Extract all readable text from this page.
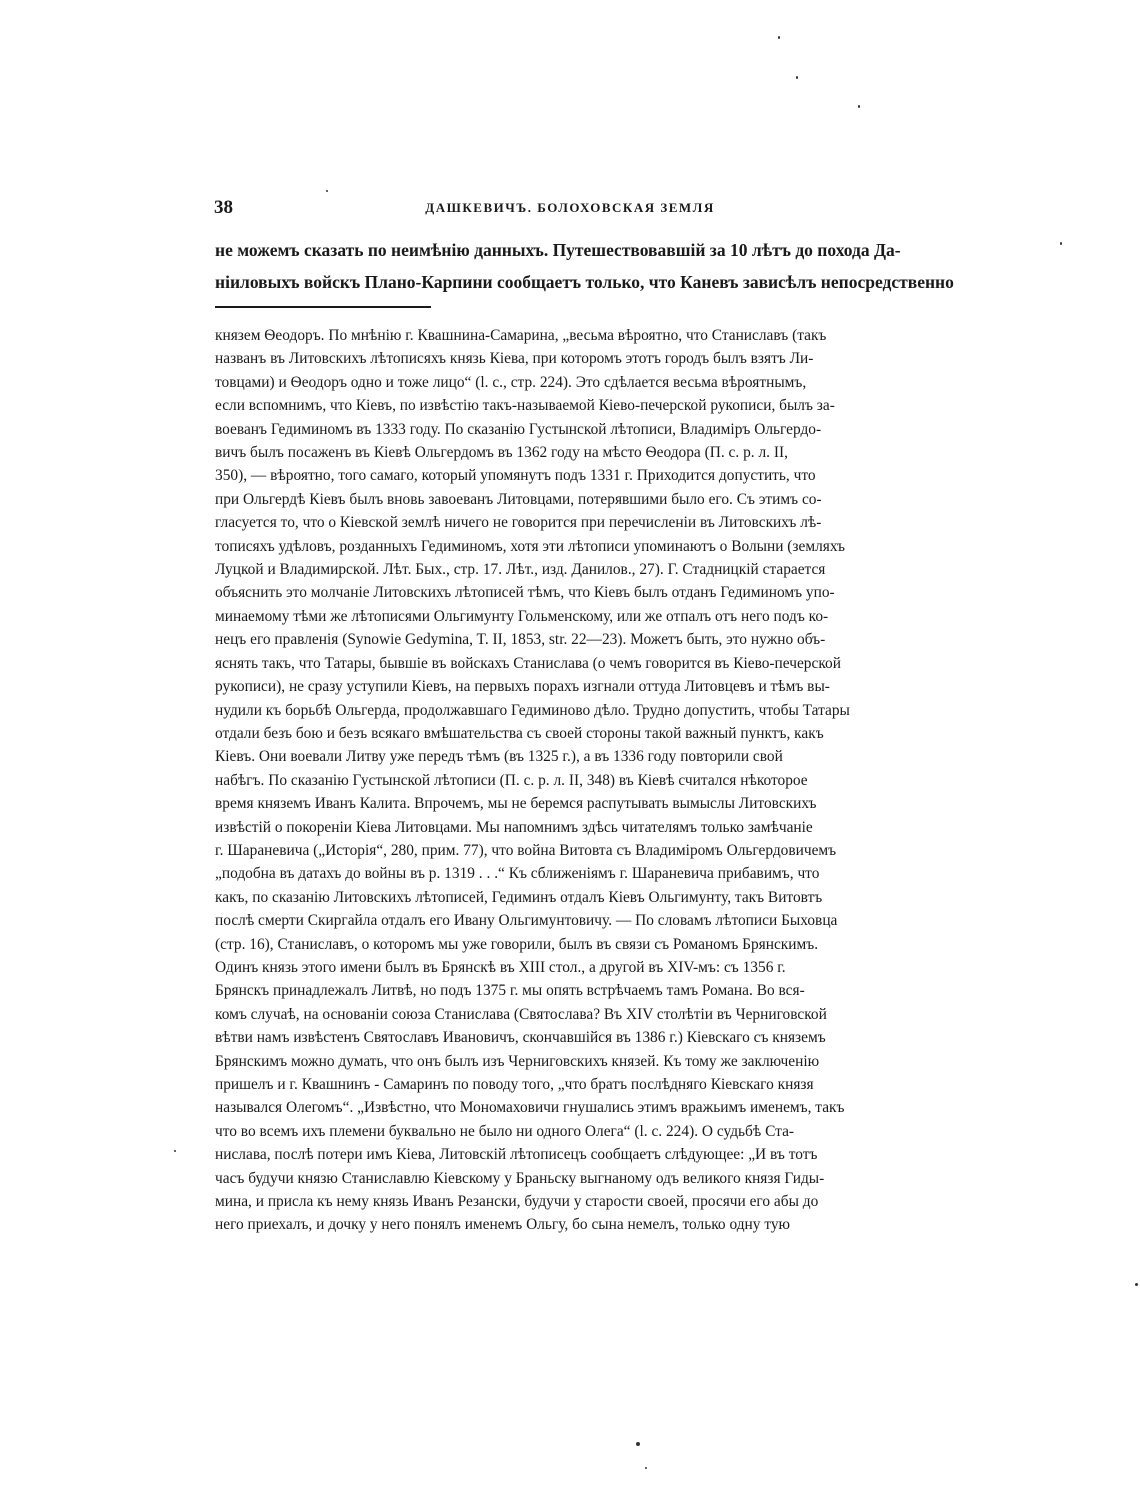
38	ДАШКЕВИЧЪ. БОЛОХОВСКАЯ ЗЕМЛЯ
не можемъ сказать по неимѣнію данныхъ. Путешествовавшій за 10 лѣтъ до похода Да-
ніиловыхъ войскъ Плано-Карпини сообщаетъ только, что Каневъ зависѣлъ непосредственно
князем Ѳеодоръ. По мнѣнію г. Квашнина-Самарина, „весьма вѣроятно, что Станиславъ (такъ
названъ въ Литовскихъ лѣтописяхъ князь Кіева, при которомъ этотъ городъ былъ взятъ Ли-
товцами) и Ѳеодоръ одно и тоже лицо“ (l. c., стр. 224). Это сдѣлается весьма вѣроятнымъ,
если вспомнимъ, что Кіевъ, по извѣстію такъ-называемой Кіево-печерской рукописи, былъ за-
воеванъ Гедиминомъ въ 1333 году. По сказанію Густынской лѣтописи, Владиміръ Ольгердо-
вичъ былъ посаженъ въ Кіевѣ Ольгердомъ въ 1362 году на мѣсто Ѳеодора (П. с. р. л. II,
350), — вѣроятно, того самаго, который упомянутъ подъ 1331 г. Приходится допустить, что
при Ольгердѣ Кіевъ былъ вновь завоеванъ Литовцами, потерявшими было его. Съ этимъ со-
гласуется то, что о Кіевской землѣ ничего не говорится при перечисленіи въ Литовскихъ лѣ-
тописяхъ удѣловъ, розданныхъ Гедиминомъ, хотя эти лѣтописи упоминаютъ о Волыни (земляхъ
Луцкой и Владимирской. Лѣт. Быx., стр. 17. Лѣт., изд. Данилов., 27). Г. Стадницкій старается
объяснить это молчаніе Литовскихъ лѣтописей тѣмъ, что Кіевъ былъ отданъ Гедиминомъ упо-
минаемому тѣми же лѣтописями Ольгимунту Гольменскому, или же отпалъ отъ него подъ ко-
нецъ его правленія (Synowie Gedymina, T. II, 1853, str. 22—23). Можетъ быть, это нужно объ-
яснять такъ, что Татары, бывшіе въ войскахъ Станислава (о чемъ говорится въ Кіево-печерской
рукописи), не сразу уступили Кіевъ, на первыхъ порахъ изгнали оттуда Литовцевъ и тѣмъ вы-
нудили къ борьбѣ Ольгерда, продолжавшаго Гедиминово дѣло. Трудно допустить, чтобы Татары
отдали безъ бою и безъ всякаго вмѣшательства съ своей стороны такой важный пунктъ, какъ
Кіевъ. Они воевали Литву уже передъ тѣмъ (въ 1325 г.), а въ 1336 году повторили свой
набѣгъ. По сказанію Густынской лѣтописи (П. с. р. л. II, 348) въ Кіевѣ считался нѣкоторое
время княземъ Иванъ Калита. Впрочемъ, мы не беремся распутывать вымыслы Литовскихъ
извѣстій о покореніи Кіева Литовцами. Мы напомнимъ здѣсь читателямъ только замѣчаніе
г. Шараневича („Исторія“, 280, прим. 77), что война Витовта съ Владиміромъ Ольгердовичемъ
„подобна въ датахъ до войны въ р. 1319 . . .“ Къ сближеніямъ г. Шараневича прибавимъ, что
какъ, по сказанію Литовскихъ лѣтописей, Гедиминъ отдалъ Кіевъ Ольгимунту, такъ Витовтъ
послѣ смерти Скиргайла отдалъ его Ивану Ольгимунтовичу. — По словамъ лѣтописи Быховца
(стр. 16), Станиславъ, о которомъ мы уже говорили, былъ въ связи съ Романомъ Брянскимъ.
Одинъ князь этого имени былъ въ Брянскѣ въ XIII стол., а другой въ XIV-мъ: съ 1356 г.
Брянскъ принадлежалъ Литвѣ, но подъ 1375 г. мы опять встрѣчаемъ тамъ Романа. Во вся-
комъ случаѣ, на основаніи союза Станислава (Святослава? Въ XIV столѣтіи въ Черниговской
вѣтви намъ извѣстенъ Святославъ Ивановичъ, скончавшійся въ 1386 г.) Кіевскаго съ княземъ
Брянскимъ можно думать, что онъ былъ изъ Черниговскихъ князей. Къ тому же заключенію
пришелъ и г. Квашнинъ - Самаринъ по поводу того, „что братъ послѣдняго Кіевскаго князя
назывался Олегомъ“. „Извѣстно, что Мономаховичи гнушались этимъ вражьимъ именемъ, такъ
что во всемъ ихъ племени буквально не было ни одного Олега“ (l. c. 224). О судьбѣ Ста-
нислава, послѣ потери имъ Кіева, Литовскій лѣтописецъ сообщаетъ слѣдующее: „И въ тотъ
часъ будучи князю Станиславлю Кіевскому у Браньску выгнаному одъ великого князя Гиды-
мина, и присла къ нему князь Иванъ Резански, будучи у старости своей, просячи его абы до
него приехалъ, и дочку у него понялъ именемъ Ольгу, бо сына немелъ, только одну тую
